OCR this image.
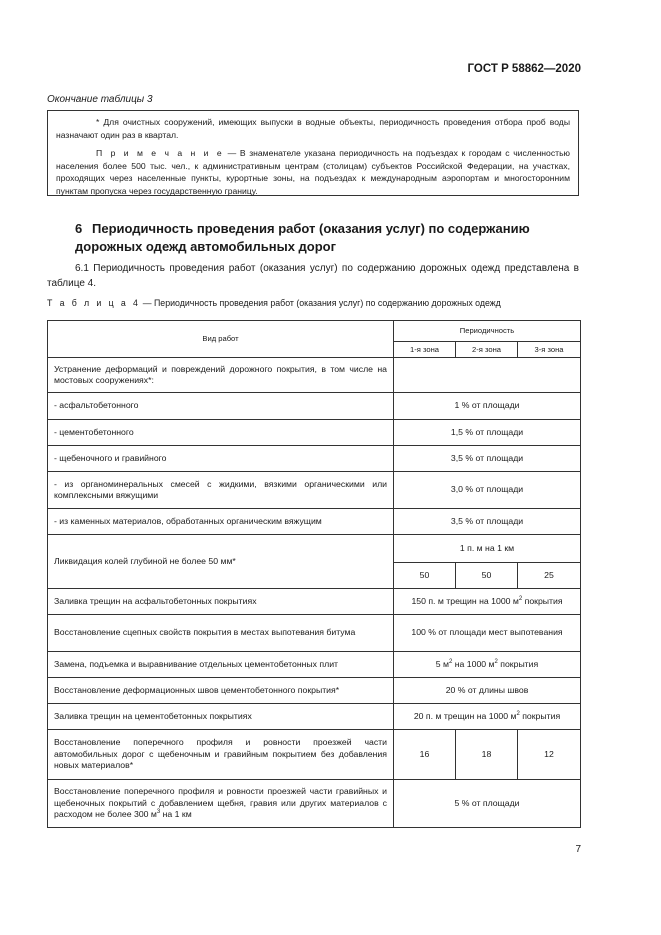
ГОСТ Р 58862—2020
Окончание таблицы 3

* Для очистных сооружений, имеющих выпуски в водные объекты, периодичность проведения отбора проб воды назначают один раз в квартал.

П р и м е ч а н и е — В знаменателе указана периодичность на подъездах к городам с численностью населения более 500 тыс. чел., к административным центрам (столицам) субъектов Российской Федерации, на участках, проходящих через населенные пункты, курортные зоны, на подъездах к международным аэропортам и многосторонним пунктам пропуска через государственную границу.

6 Периодичность проведения работ (оказания услуг) по содержанию дорожных одежд автомобильных дорог
6.1 Периодичность проведения работ (оказания услуг) по содержанию дорожных одежд представлена в таблице 4.
Т а б л и ц а 4 — Периодичность проведения работ (оказания услуг) по содержанию дорожных одежд
Вид работ	Периодичность		
	1-я зона	2-я зона	3-я зона
Устранение деформаций и повреждений дорожного покрытия, в том числе на мостовых сооружениях*:			
- асфальтобетонного	1 % от площади		
- цементобетонного	1,5 % от площади		
- щебеночного и гравийного	3,5 % от площади		
- из органоминеральных смесей с жидкими, вязкими органическими или комплексными вяжущими	3,0 % от площади		
- из каменных материалов, обработанных органическим вяжущим	3,5 % от площади		
Ликвидация колей глубиной не более 50 мм*	1 п. м на 1 км		
	50	50	25
Заливка трещин на асфальтобетонных покрытиях	150 п. м трещин на 1000 $м^2$ покрытия		
Восстановление сцепных свойств покрытия в местах выпотевания битума	100 % от площади мест выпотевания		
Замена, подъемка и выравнивание отдельных цементобетонных плит	5 $м^2$ на 1000 $м^2$ покрытия		
Восстановление деформационных швов цементобетонного покрытия*	20 % от длины швов		
Заливка трещин на цементобетонных покрытиях	20 п. м трещин на 1000 $м^2$ покрытия		
Восстановление поперечного профиля и ровности проезжей части автомобильных дорог с щебеночным и гравийным покрытием без добавления новых материалов*	16	18	12
Восстановление поперечного профиля и ровности проезжей части гравийных и щебеночных покрытий с добавлением щебня, гравия или других материалов с расходом не более 300 $м^3$ на 1 км	5 % от площади		
7
